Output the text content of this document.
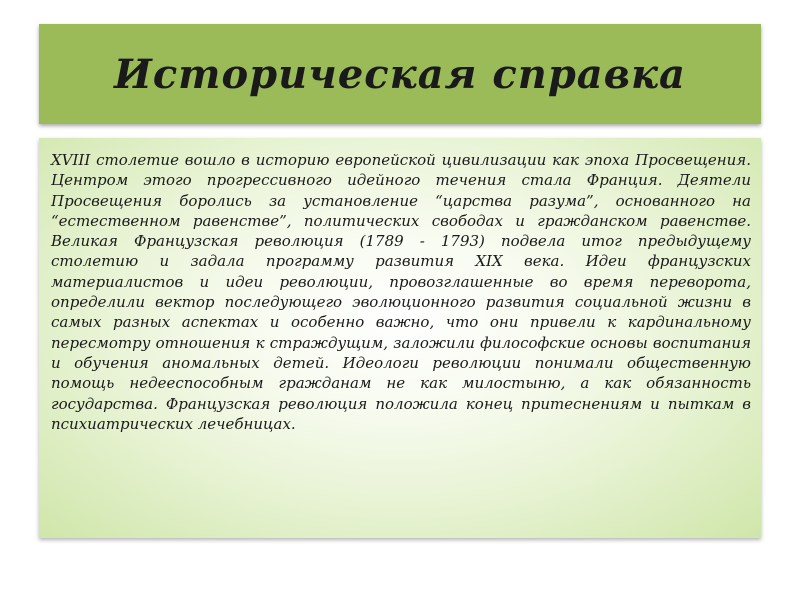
Историческая справка

XVIII столетие вошло в историю европейской цивилизации как эпоха Просвещения. Центром этого прогрессивного идейного течения стала Франция. Деятели Просвещения боролись за установление “царства разума”, основанного на “естественном равенстве”, политических свободах и гражданском равенстве. Великая Французская революция (1789 - 1793) подвела итог предыдущему столетию и задала программу развития XIX века. Идеи французских материалистов и идеи революции, провозглашенные во время переворота, определили вектор последующего эволюционного развития социальной жизни в самых разных аспектах и особенно важно, что они привели к кардинальному пересмотру отношения к страждущим, заложили философские основы воспитания и обучения аномальных детей. Идеологи революции понимали общественную помощь недееспособным гражданам не как милостыню, а как обязанность государства. Французская революция положила конец притеснениям и пыткам в психиатрических лечебницах.
